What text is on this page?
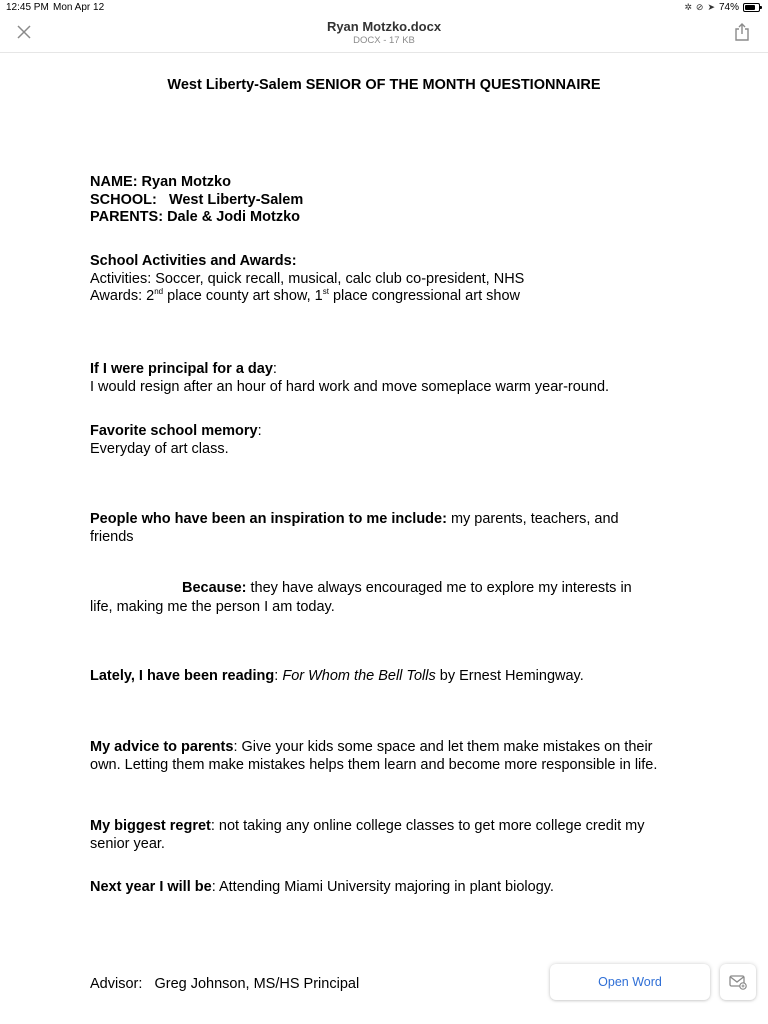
12:45 PM Mon Apr 12	✲ ⊘ ➤ 74%
Ryan Motzko.docx
DOCX - 17 KB

West Liberty-Salem SENIOR OF THE MONTH QUESTIONNAIRE

NAME: Ryan Motzko

SCHOOL:   West Liberty-Salem

PARENTS: Dale & Jodi Motzko

School Activities and Awards:

Activities: Soccer, quick recall, musical, calc club co-president, NHS

Awards: 2nd place county art show, 1st place congressional art show

If I were principal for a day:

I would resign after an hour of hard work and move someplace warm year-round.

Favorite school memory:

Everyday of art class.

People who have been an inspiration to me include: my parents, teachers, and friends

Because: they have always encouraged me to explore my interests in life, making me the person I am today.

Lately, I have been reading: For Whom the Bell Tolls by Ernest Hemingway.

My advice to parents: Give your kids some space and let them make mistakes on their own. Letting them make mistakes helps them learn and become more responsible in life.

My biggest regret: not taking any online college classes to get more college credit my senior year.

Next year I will be: Attending Miami University majoring in plant biology.

Advisor:   Greg Johnson, MS/HS Principal	Open Word
